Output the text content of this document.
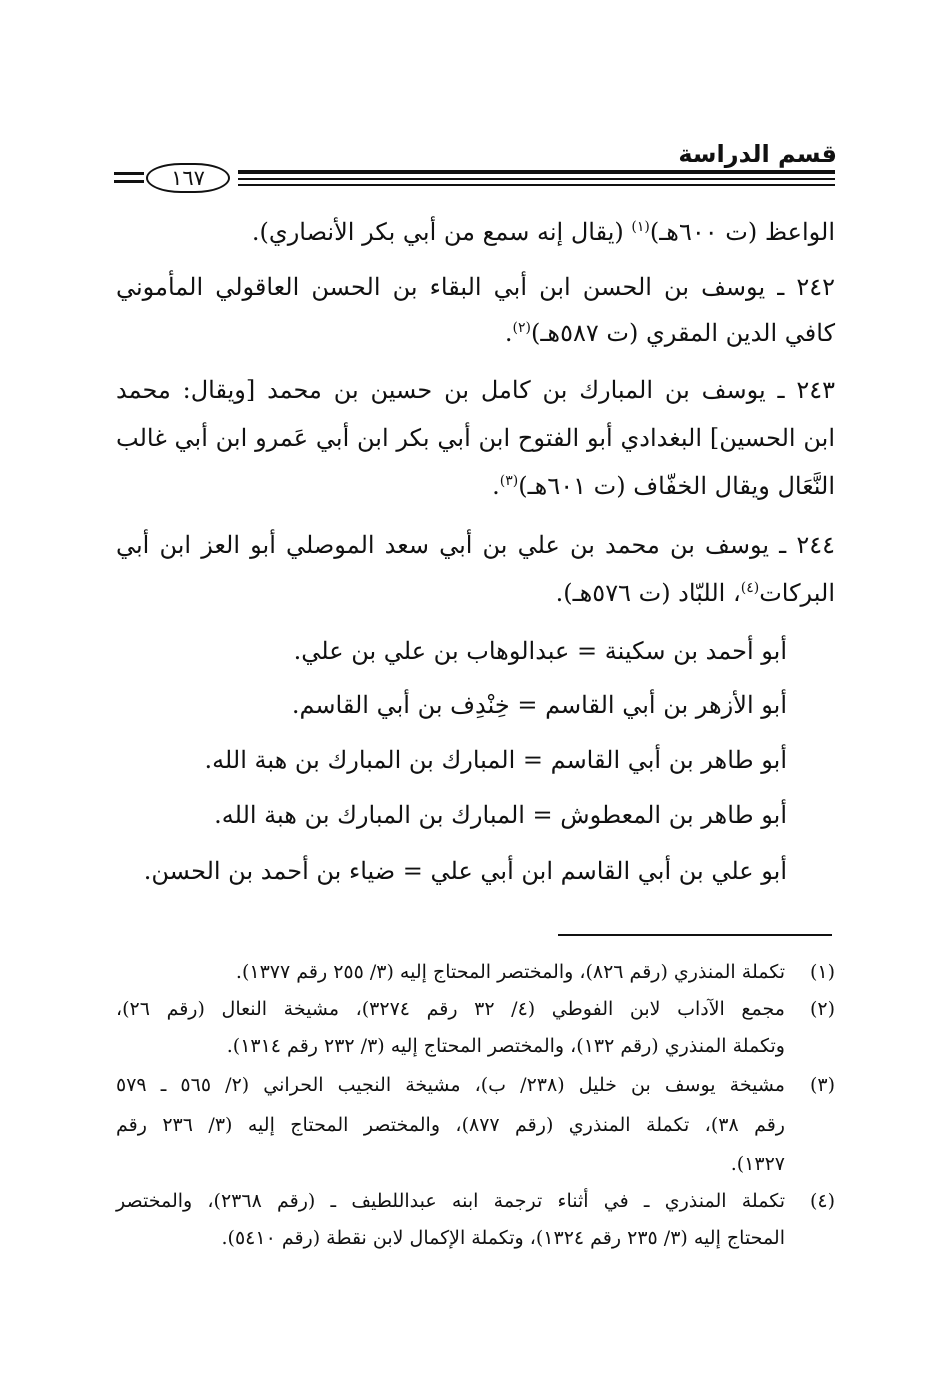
قسم الدراسة
١٦٧
الواعظ (ت ٦٠٠هـ)$^{(١)}$ (يقال إنه سمع من أبي بكر الأنصاري).
٢٤٢ ـ يوسف بن الحسن ابن أبي البقاء بن الحسن العاقولي المأموني
كافي الدين المقري (ت ٥٨٧هـ)$^{(٢)}$.
٢٤٣ ـ يوسف بن المبارك بن كامل بن حسين بن محمد [ويقال: محمد
ابن الحسين] البغدادي أبو الفتوح ابن أبي بكر ابن أبي عَمرو ابن أبي غالب
النَّعَال ويقال الخفّاف (ت ٦٠١هـ)$^{(٣)}$.
٢٤٤ ـ يوسف بن محمد بن علي بن أبي سعد الموصلي أبو العز ابن أبي
البركات$^{(٤)}$، اللبّاد (ت ٥٧٦هـ).
أبو أحمد بن سكينة = عبدالوهاب بن علي بن علي.
أبو الأزهر بن أبي القاسم = خِنْدِف بن أبي القاسم.
أبو طاهر بن أبي القاسم = المبارك بن المبارك بن هبة الله.
أبو طاهر بن المعطوش = المبارك بن المبارك بن هبة الله.
أبو علي بن أبي القاسم ابن أبي علي = ضياء بن أحمد بن الحسن.
(١)
تكملة المنذري (رقم ٨٢٦)، والمختصر المحتاج إليه (٣/ ٢٥٥ رقم ١٣٧٧).
(٢)
مجمع الآداب لابن الفوطي (٤/ ٣٢ رقم ٣٢٧٤)، مشيخة النعال (رقم ٢٦)،
وتكملة المنذري (رقم ١٣٢)، والمختصر المحتاج إليه (٣/ ٢٣٢ رقم ١٣١٤).
(٣)
مشيخة يوسف بن خليل (٢٣٨/ ب)، مشيخة النجيب الحراني (٢/ ٥٦٥ ـ ٥٧٩
رقم ٣٨)، تكملة المنذري (رقم ٨٧٧)، والمختصر المحتاج إليه (٣/ ٢٣٦ رقم
١٣٢٧).
(٤)
تكملة المنذري ـ في أثناء ترجمة ابنه عبداللطيف ـ (رقم ٢٣٦٨)، والمختصر
المحتاج إليه (٣/ ٢٣٥ رقم ١٣٢٤)، وتكملة الإكمال لابن نقطة (رقم ٥٤١٠).
